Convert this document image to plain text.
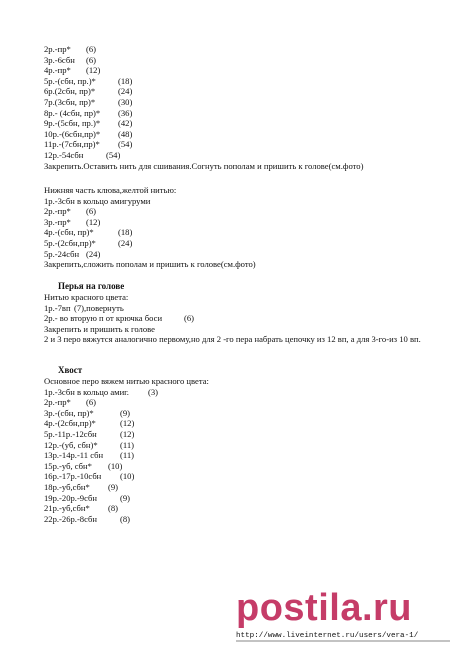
2р.-пр* (6)
3р.-6сбн (6)
4р.-пр* (12)
5р.-(сбн, пр.)*	(18)
6р.(2сбн, пр)*	(24)
7р.(3сбн, пр)*	(30)
8р.- (4сбн, пр)* (36)
9р.-(5сбн, пр.)* (42)
10р.-(6сбн,пр)* (48)
11р.-(7сбн,пр)* (54)
12р.-54сбн	(54)
Закрепить.Оставить нить для сшивания.Согнуть пополам и пришить к голове(см.фото)
Нижняя часть клюва,желтой нитью:
1р.-3сбн в кольцо амигуруми
2р.-пр* (6)
3р.-пр* (12)
4р.-(сбн, пр)*	(18)
5р.-(2сбн,пр)*	(24)
5р.-24сбн (24)
Закрепить,сложить пополам и пришить к голове(см.фото)
Перья на голове
Нитью красного цвета:
1р.-7вп (7),повернуть
2р.- во вторую п от крючка боси	(6)
Закрепить и пришить к голове
2 и 3 перо вяжутся аналогично первому,но для 2 -го пера набрать цепочку из 12 вп, а для 3-го-из 10 вп.
Хвост
Основное перо вяжем нитью красного цвета:
1р.-3сбн в кольцо амиг. (3)
2р.-пр* (6)
3р.-(сбн, пр)*	(9)
4р.-(2сбн,пр)*	(12)
5р.-11р.-12сбн	(12)
12р.-(уб, сбн)*	(11)
13р.-14р.-11 сбн (11)
15р.-уб, сбн* (10)
16р.-17р.-10сбн (10)
18р.-уб,сбн* (9)
19р.-20р.-9сбн	(9)
21р.-уб,сбн* (8)
22р.-26р.-8сбн	(8)
postila.ru
http://www.liveinternet.ru/users/vera-1/
